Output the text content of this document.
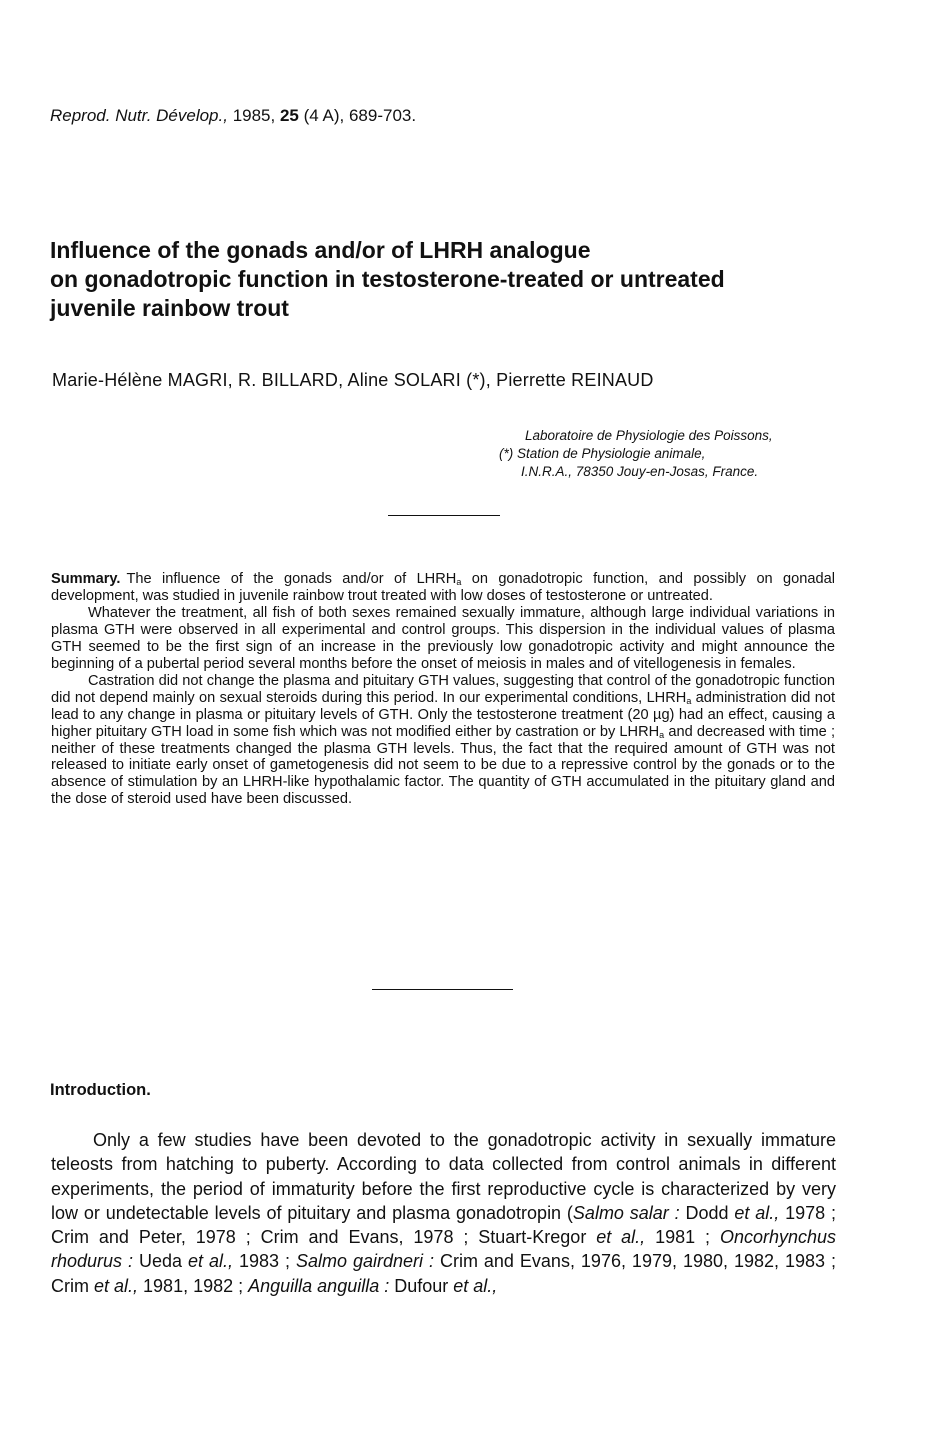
Reprod. Nutr. Dévelop., 1985, 25 (4 A), 689-703.
Influence of the gonads and/or of LHRH analogue
on gonadotropic function in testosterone-treated or untreated
juvenile rainbow trout
Marie-Hélène MAGRI, R. BILLARD, Aline SOLARI (*), Pierrette REINAUD
Laboratoire de Physiologie des Poissons,
(*) Station de Physiologie animale,
I.N.R.A., 78350 Jouy-en-Josas, France.

Summary. The influence of the gonads and/or of $LHRH_a$ on gonadotropic function, and possibly on gonadal development, was studied in juvenile rainbow trout treated with low doses of testosterone or untreated.

Whatever the treatment, all fish of both sexes remained sexually immature, although large individual variations in plasma GTH were observed in all experimental and control groups. This dispersion in the individual values of plasma GTH seemed to be the first sign of an increase in the previously low gonadotropic activity and might announce the beginning of a pubertal period several months before the onset of meiosis in males and of vitellogenesis in females.

Castration did not change the plasma and pituitary GTH values, suggesting that control of the gonadotropic function did not depend mainly on sexual steroids during this period. In our experimental conditions, $LHRH_a$ administration did not lead to any change in plasma or pituitary levels of GTH. Only the testosterone treatment (20 µg) had an effect, causing a higher pituitary GTH load in some fish which was not modified either by castration or by $LHRH_a$ and decreased with time ; neither of these treatments changed the plasma GTH levels. Thus, the fact that the required amount of GTH was not released to initiate early onset of gametogenesis did not seem to be due to a repressive control by the gonads or to the absence of stimulation by an LHRH-like hypothalamic factor. The quantity of GTH accumulated in the pituitary gland and the dose of steroid used have been discussed.

Introduction.

Only a few studies have been devoted to the gonadotropic activity in sexually immature teleosts from hatching to puberty. According to data collected from control animals in different experiments, the period of immaturity before the first reproductive cycle is characterized by very low or undetectable levels of pituitary and plasma gonadotropin (Salmo salar : Dodd et al., 1978 ; Crim and Peter, 1978 ; Crim and Evans, 1978 ; Stuart-Kregor et al., 1981 ; Oncorhynchus rhodurus : Ueda et al., 1983 ; Salmo gairdneri : Crim and Evans, 1976, 1979, 1980, 1982, 1983 ; Crim et al., 1981, 1982 ; Anguilla anguilla : Dufour et al.,
